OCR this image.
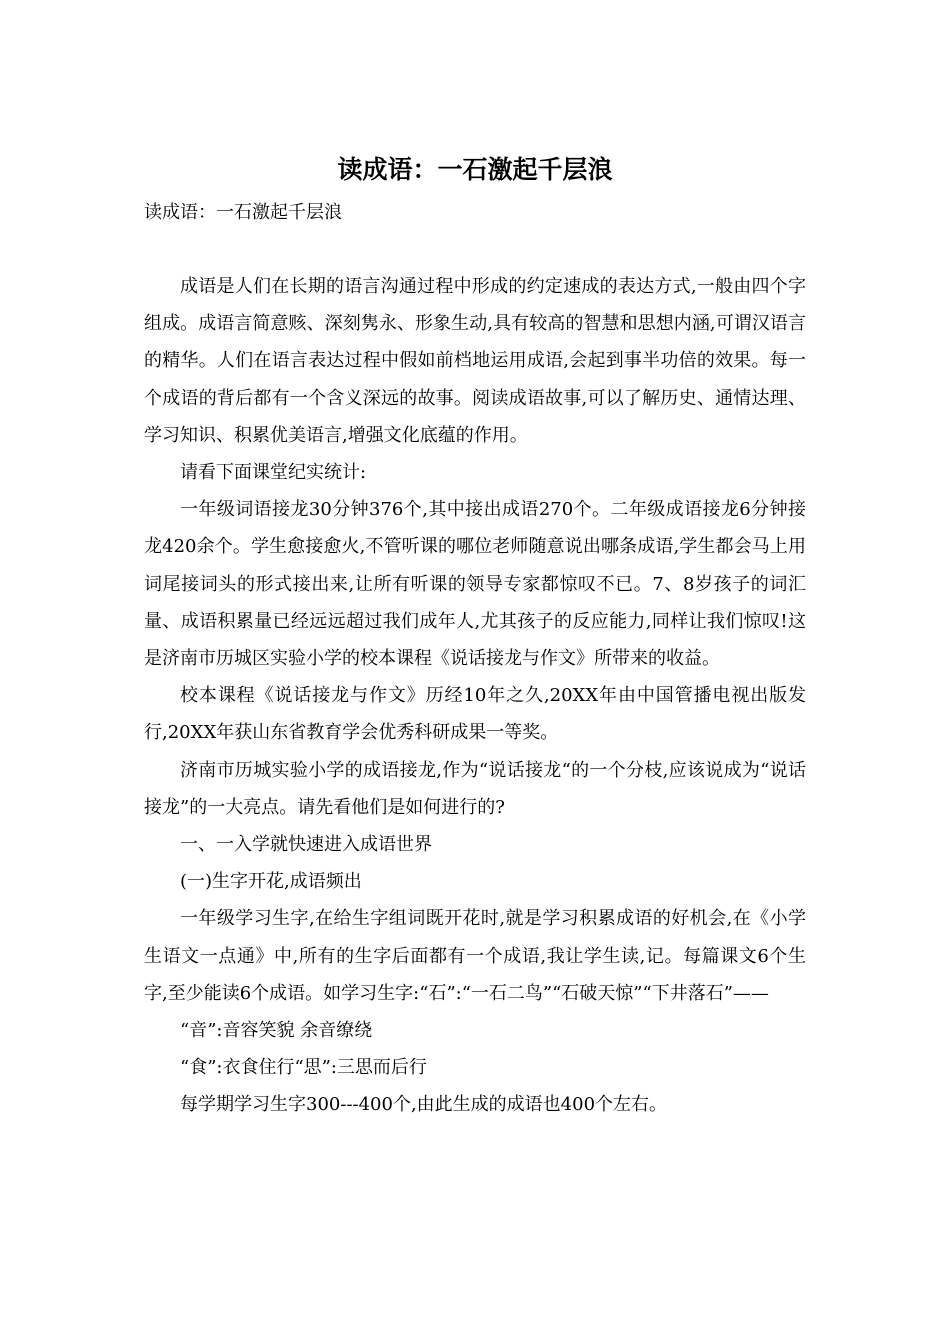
读成语：一石激起千层浪
读成语：一石激起千层浪

成语是人们在长期的语言沟通过程中形成的约定速成的表达方式,一般由四个字组成。成语言简意赅、深刻隽永、形象生动,具有较高的智慧和思想内涵,可谓汉语言的精华。人们在语言表达过程中假如前档地运用成语,会起到事半功倍的效果。每一个成语的背后都有一个含义深远的故事。阅读成语故事,可以了解历史、通情达理、学习知识、积累优美语言,增强文化底蕴的作用。

请看下面课堂纪实统计:

一年级词语接龙30分钟376个,其中接出成语270个。二年级成语接龙6分钟接龙420余个。学生愈接愈火,不管听课的哪位老师随意说出哪条成语,学生都会马上用词尾接词头的形式接出来,让所有听课的领导专家都惊叹不已。7、8岁孩子的词汇量、成语积累量已经远远超过我们成年人,尤其孩子的反应能力,同样让我们惊叹!这是济南市历城区实验小学的校本课程《说话接龙与作文》所带来的收益。

校本课程《说话接龙与作文》历经10年之久,20XX年由中国管播电视出版发行,20XX年获山东省教育学会优秀科研成果一等奖。

济南市历城实验小学的成语接龙,作为“说话接龙“的一个分枝,应该说成为“说话接龙”的一大亮点。请先看他们是如何进行的?

一、一入学就快速进入成语世界

(一)生字开花,成语频出

一年级学习生字,在给生字组词既开花时,就是学习积累成语的好机会,在《小学生语文一点通》中,所有的生字后面都有一个成语,我让学生读,记。每篇课文6个生字,至少能读6个成语。如学习生字:“石”:“一石二鸟”“石破天惊”“下井落石”——

“音”:音容笑貌 余音缭绕

“食”:衣食住行“思”:三思而后行

每学期学习生字300---400个,由此生成的成语也400个左右。
